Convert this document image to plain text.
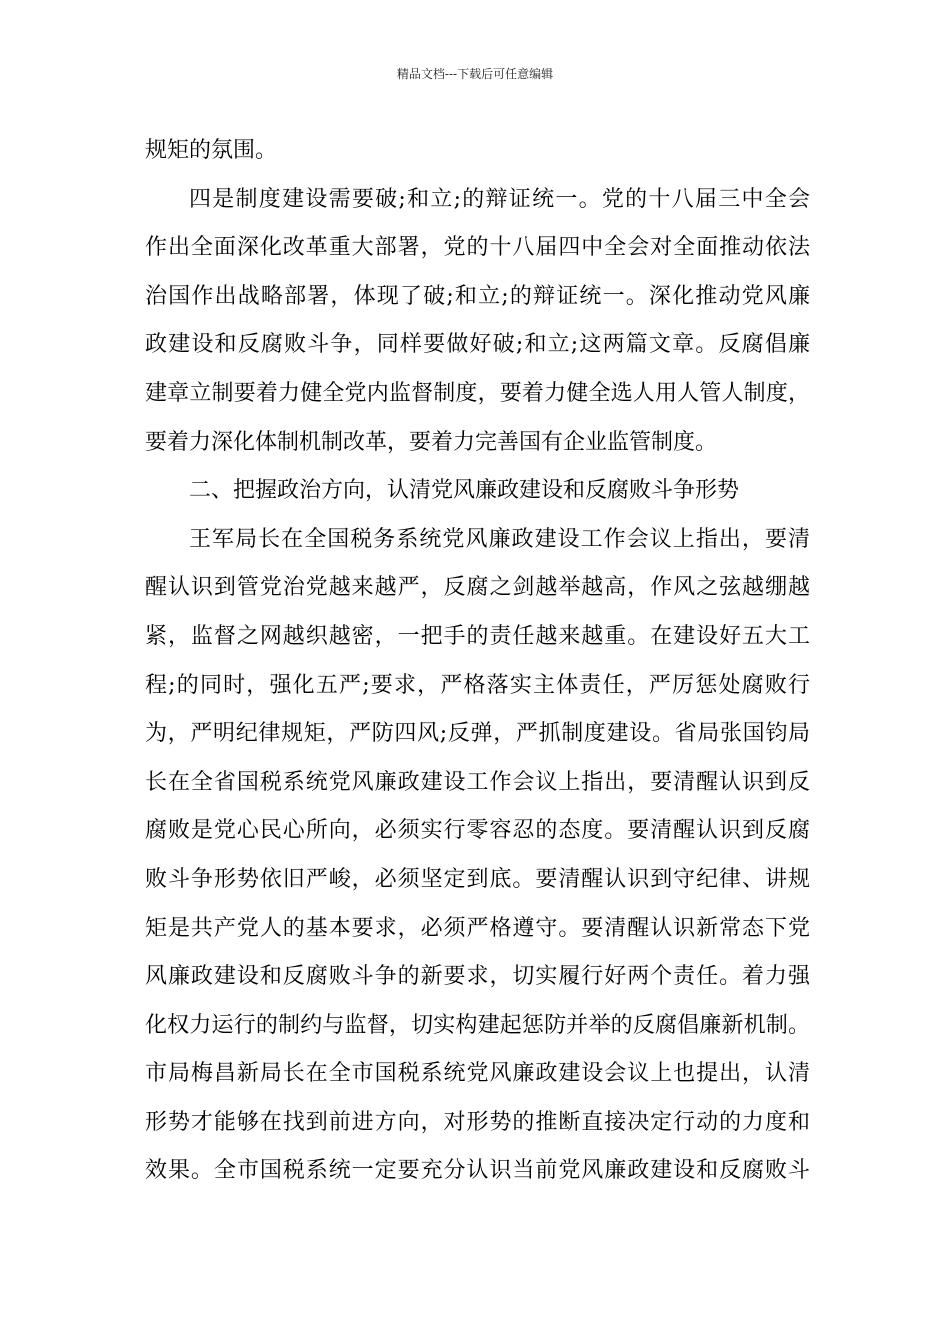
精品文档---下载后可任意编辑
规矩的氛围。
四是制度建设需要破;和立;的辩证统一。党的十八届三中全会
作出全面深化改革重大部署，党的十八届四中全会对全面推动依法
治国作出战略部署，体现了破;和立;的辩证统一。深化推动党风廉
政建设和反腐败斗争，同样要做好破;和立;这两篇文章。反腐倡廉
建章立制要着力健全党内监督制度，要着力健全选人用人管人制度，
要着力深化体制机制改革，要着力完善国有企业监管制度。
二、把握政治方向，认清党风廉政建设和反腐败斗争形势
王军局长在全国税务系统党风廉政建设工作会议上指出，要清
醒认识到管党治党越来越严，反腐之剑越举越高，作风之弦越绷越
紧，监督之网越织越密，一把手的责任越来越重。在建设好五大工
程;的同时，强化五严;要求，严格落实主体责任，严厉惩处腐败行
为，严明纪律规矩，严防四风;反弹，严抓制度建设。省局张国钧局
长在全省国税系统党风廉政建设工作会议上指出，要清醒认识到反
腐败是党心民心所向，必须实行零容忍的态度。要清醒认识到反腐
败斗争形势依旧严峻，必须坚定到底。要清醒认识到守纪律、讲规
矩是共产党人的基本要求，必须严格遵守。要清醒认识新常态下党
风廉政建设和反腐败斗争的新要求，切实履行好两个责任。着力强
化权力运行的制约与监督，切实构建起惩防并举的反腐倡廉新机制。
市局梅昌新局长在全市国税系统党风廉政建设会议上也提出，认清
形势才能够在找到前进方向，对形势的推断直接决定行动的力度和
效果。全市国税系统一定要充分认识当前党风廉政建设和反腐败斗
